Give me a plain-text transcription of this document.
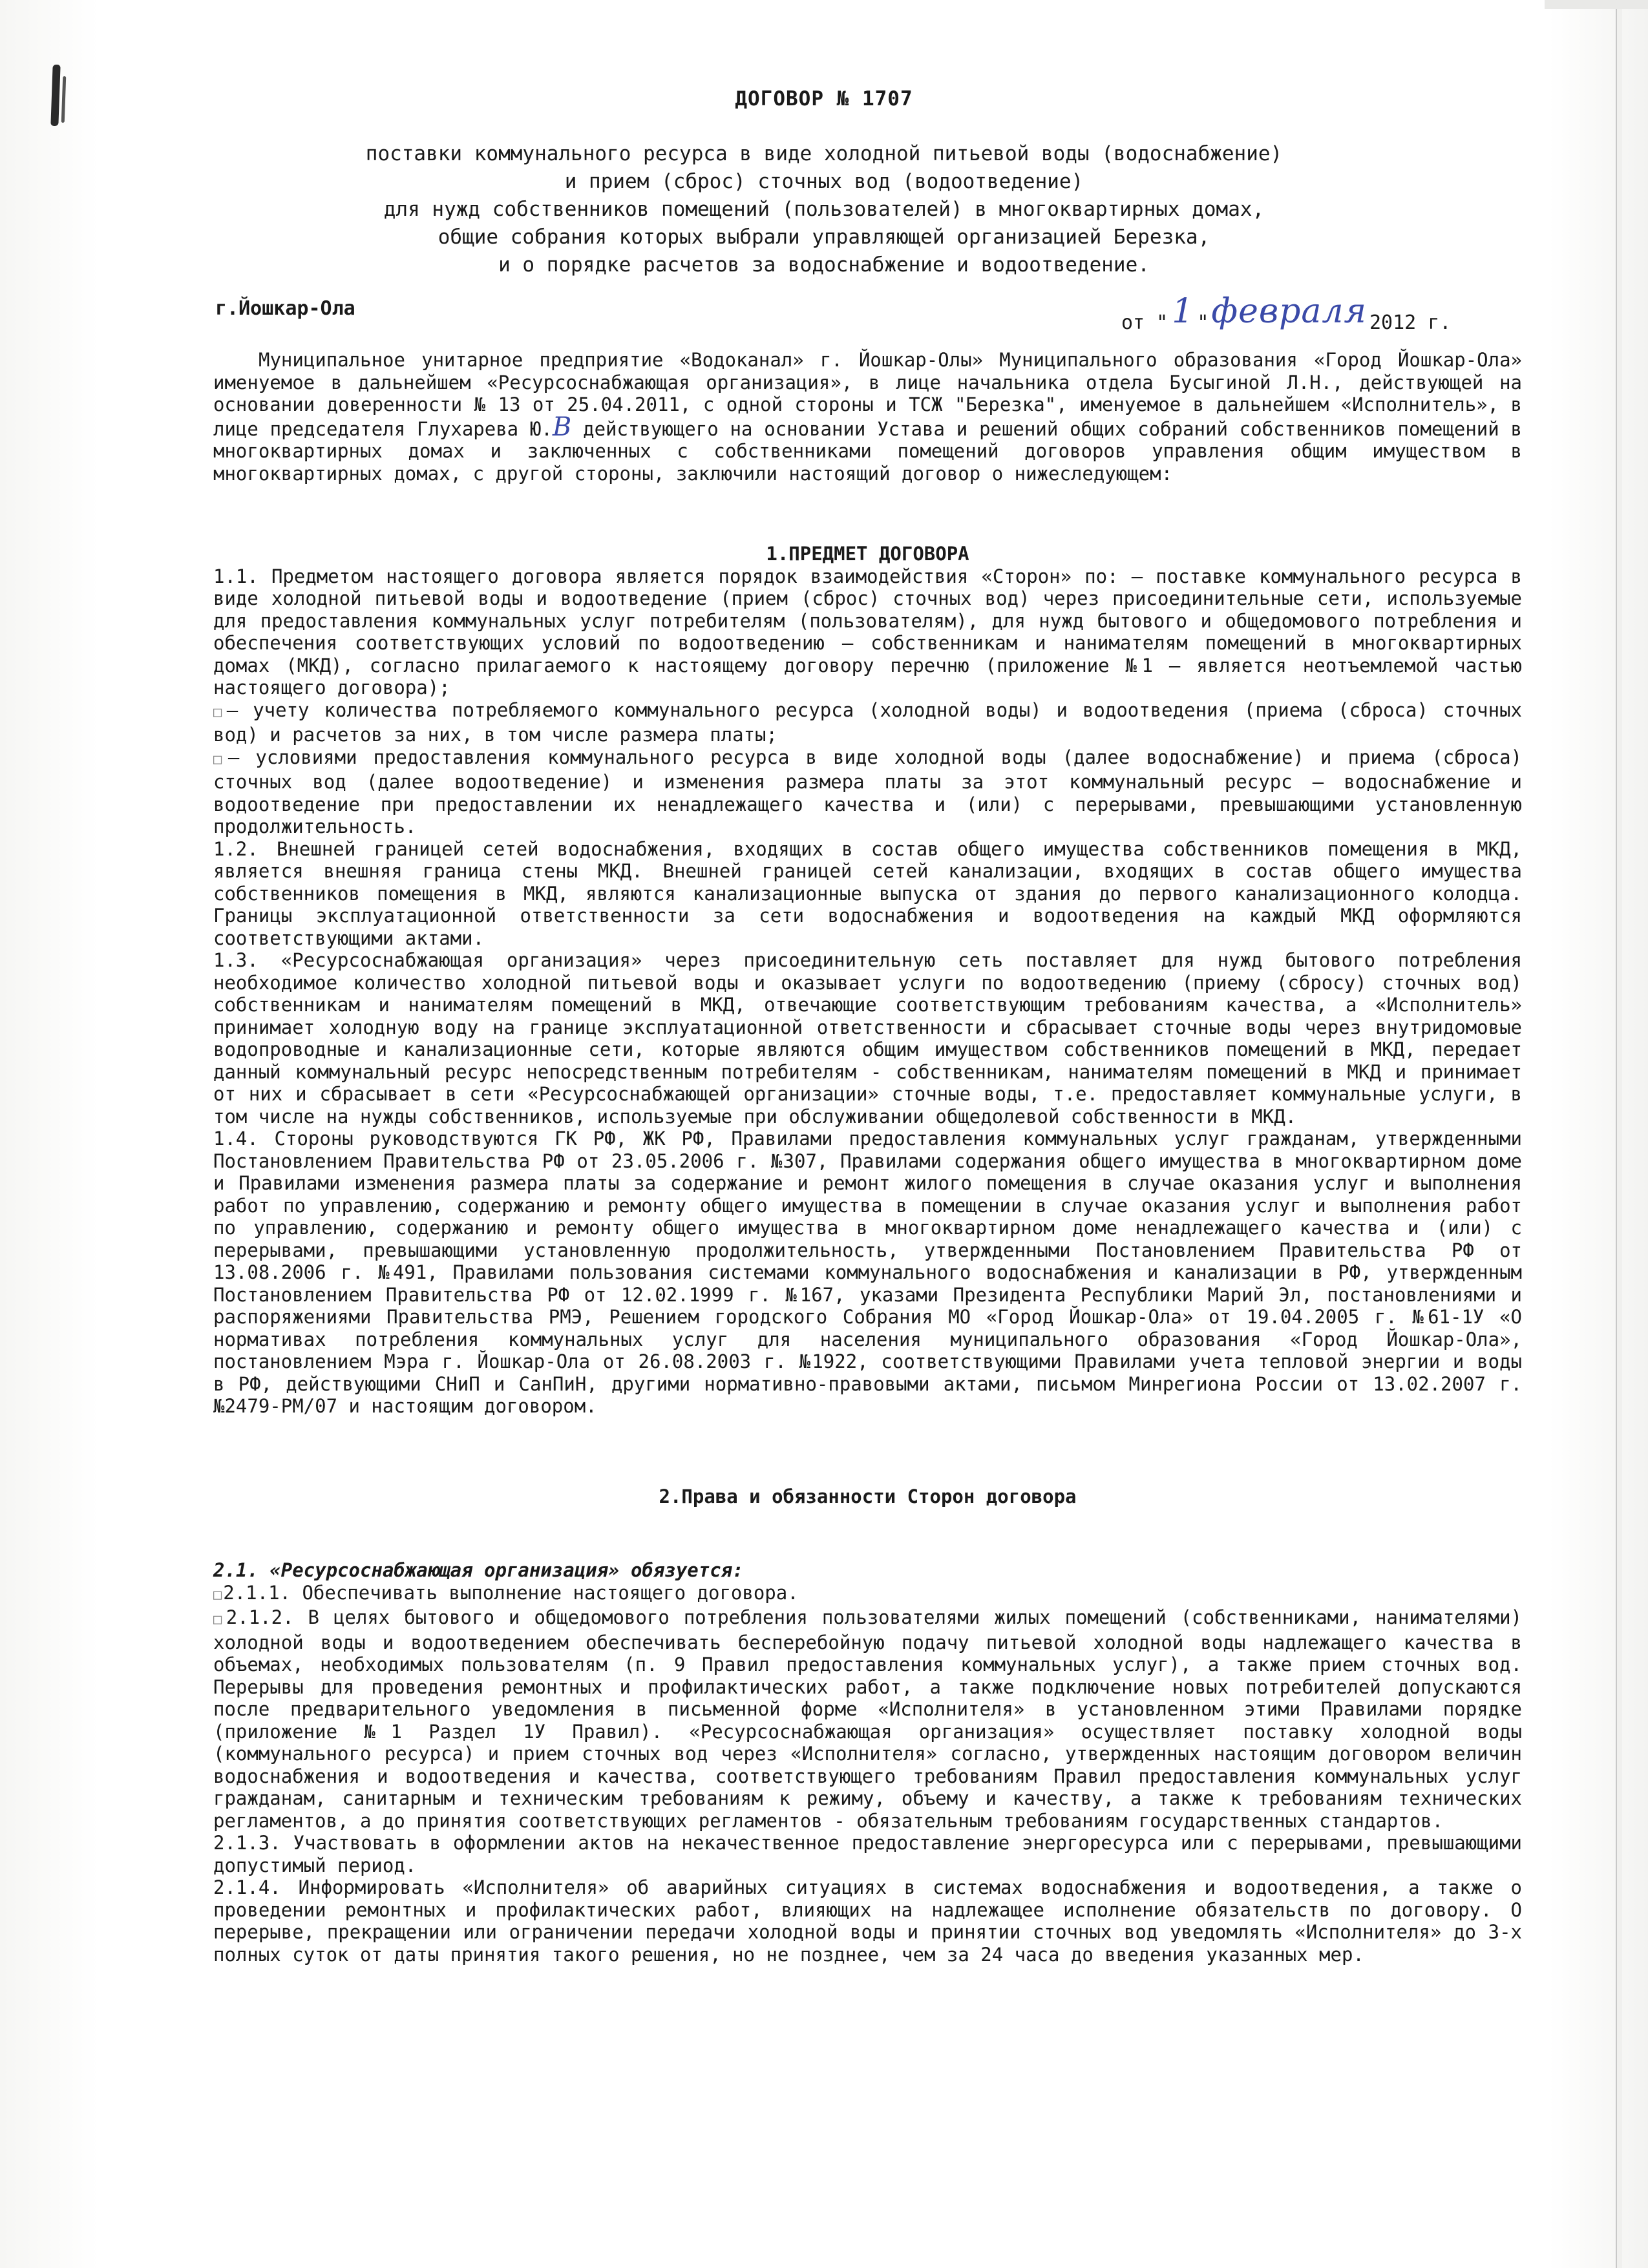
ДОГОВОР № 1707
поставки коммунального ресурса в виде холодной питьевой воды (водоснабжение)
и прием (сброс) сточных вод (водоотведение)
для нужд собственников помещений (пользователей) в многоквартирных домах,
общие собрания которых выбрали управляющей организацией Березка,
и о порядке расчетов за водоснабжение и водоотведение.
г.Йошкар-Ола
от " 1 "февраля 2012 г.

Муниципальное унитарное предприятие «Водоканал» г. Йошкар-Олы» Муниципального образования «Город Йошкар-Ола» именуемое в дальнейшем «Ресурсоснабжающая организация», в лице начальника отдела Бусыгиной Л.Н., действующей на основании доверенности № 13 от 25.04.2011, с одной стороны и ТСЖ "Березка", именуемое в дальнейшем «Исполнитель», в лице председателя Глухарева Ю.В действующего на основании Устава и решений общих собраний собственников помещений в многоквартирных домах и заключенных с собственниками помещений договоров управления общим имуществом в многоквартирных домах, с другой стороны, заключили настоящий договор о нижеследующем:

1.ПРЕДМЕТ ДОГОВОРА

1.1. Предметом настоящего договора является порядок взаимодействия «Сторон» по: – поставке коммунального ресурса в виде холодной питьевой воды и водоотведение (прием (сброс) сточных вод) через присоединительные сети, используемые для предоставления коммунальных услуг потребителям (пользователям), для нужд бытового и общедомового потребления и обеспечения соответствующих условий по водоотведению — собственникам и нанимателям помещений в многоквартирных домах (МКД), согласно прилагаемого к настоящему договору перечню (приложение №1 — является неотъемлемой частью настоящего договора);

□ – учету количества потребляемого коммунального ресурса (холодной воды) и водоотведения (приема (сброса) сточных вод) и расчетов за них, в том числе размера платы;

□ – условиями предоставления коммунального ресурса в виде холодной воды (далее водоснабжение) и приема (сброса) сточных вод (далее водоотведение) и изменения размера платы за этот коммунальный ресурс — водоснабжение и водоотведение при предоставлении их ненадлежащего качества и (или) с перерывами, превышающими установленную продолжительность.

1.2. Внешней границей сетей водоснабжения, входящих в состав общего имущества собственников помещения в МКД, является внешняя граница стены МКД. Внешней границей сетей канализации, входящих в состав общего имущества собственников помещения в МКД, являются канализационные выпуска от здания до первого канализационного колодца. Границы эксплуатационной ответственности за сети водоснабжения и водоотведения на каждый МКД оформляются соответствующими актами.

1.3. «Ресурсоснабжающая организация» через присоединительную сеть поставляет для нужд бытового потребления необходимое количество холодной питьевой воды и оказывает услуги по водоотведению (приему (сбросу) сточных вод) собственникам и нанимателям помещений в МКД, отвечающие соответствующим требованиям качества, а «Исполнитель» принимает холодную воду на границе эксплуатационной ответственности и сбрасывает сточные воды через внутридомовые водопроводные и канализационные сети, которые являются общим имуществом собственников помещений в МКД, передает данный коммунальный ресурс непосредственным потребителям - собственникам, нанимателям помещений в МКД и принимает от них и сбрасывает в сети «Ресурсоснабжающей организации» сточные воды, т.е. предоставляет коммунальные услуги, в том числе на нужды собственников, используемые при обслуживании общедолевой собственности в МКД.

1.4. Стороны руководствуются ГК РФ, ЖК РФ, Правилами предоставления коммунальных услуг гражданам, утвержденными Постановлением Правительства РФ от 23.05.2006 г. №307, Правилами содержания общего имущества в многоквартирном доме и Правилами изменения размера платы за содержание и ремонт жилого помещения в случае оказания услуг и выполнения работ по управлению, содержанию и ремонту общего имущества в помещении в случае оказания услуг и выполнения работ по управлению, содержанию и ремонту общего имущества в многоквартирном доме ненадлежащего качества и (или) с перерывами, превышающими установленную продолжительность, утвержденными Постановлением Правительства РФ от 13.08.2006 г. №491, Правилами пользования системами коммунального водоснабжения и канализации в РФ, утвержденным Постановлением Правительства РФ от 12.02.1999 г. №167, указами Президента Республики Марий Эл, постановлениями и распоряжениями Правительства РМЭ, Решением городского Собрания МО «Город Йошкар-Ола» от 19.04.2005 г. №61-1У «О нормативах потребления коммунальных услуг для населения муниципального образования «Город Йошкар-Ола», постановлением Мэра г. Йошкар-Ола от 26.08.2003 г. №1922, соответствующими Правилами учета тепловой энергии и воды в РФ, действующими СНиП и СанПиН, другими нормативно-правовыми актами, письмом Минрегиона России от 13.02.2007 г. №2479-РМ/07 и настоящим договором.

2.Права и обязанности Сторон договора

2.1. «Ресурсоснабжающая организация» обязуется:

□ 2.1.1. Обеспечивать выполнение настоящего договора.

□ 2.1.2. В целях бытового и общедомового потребления пользователями жилых помещений (собственниками, нанимателями) холодной воды и водоотведением обеспечивать бесперебойную подачу питьевой холодной воды надлежащего качества в объемах, необходимых пользователям (п. 9 Правил предоставления коммунальных услуг), а также прием сточных вод. Перерывы для проведения ремонтных и профилактических работ, а также подключение новых потребителей допускаются после предварительного уведомления в письменной форме «Исполнителя» в установленном этими Правилами порядке (приложение №1 Раздел 1У Правил). «Ресурсоснабжающая организация» осуществляет поставку холодной воды (коммунального ресурса) и прием сточных вод через «Исполнителя» согласно, утвержденных настоящим договором величин водоснабжения и водоотведения и качества, соответствующего требованиям Правил предоставления коммунальных услуг гражданам, санитарным и техническим требованиям к режиму, объему и качеству, а также к требованиям технических регламентов, а до принятия соответствующих регламентов - обязательным требованиям государственных стандартов.

2.1.3. Участвовать в оформлении актов на некачественное предоставление энергоресурса или с перерывами, превышающими допустимый период.

2.1.4. Информировать «Исполнителя» об аварийных ситуациях в системах водоснабжения и водоотведения, а также о проведении ремонтных и профилактических работ, влияющих на надлежащее исполнение обязательств по договору. О перерыве, прекращении или ограничении передачи холодной воды и принятии сточных вод уведомлять «Исполнителя» до 3-х полных суток от даты принятия такого решения, но не позднее, чем за 24 часа до введения указанных мер.
